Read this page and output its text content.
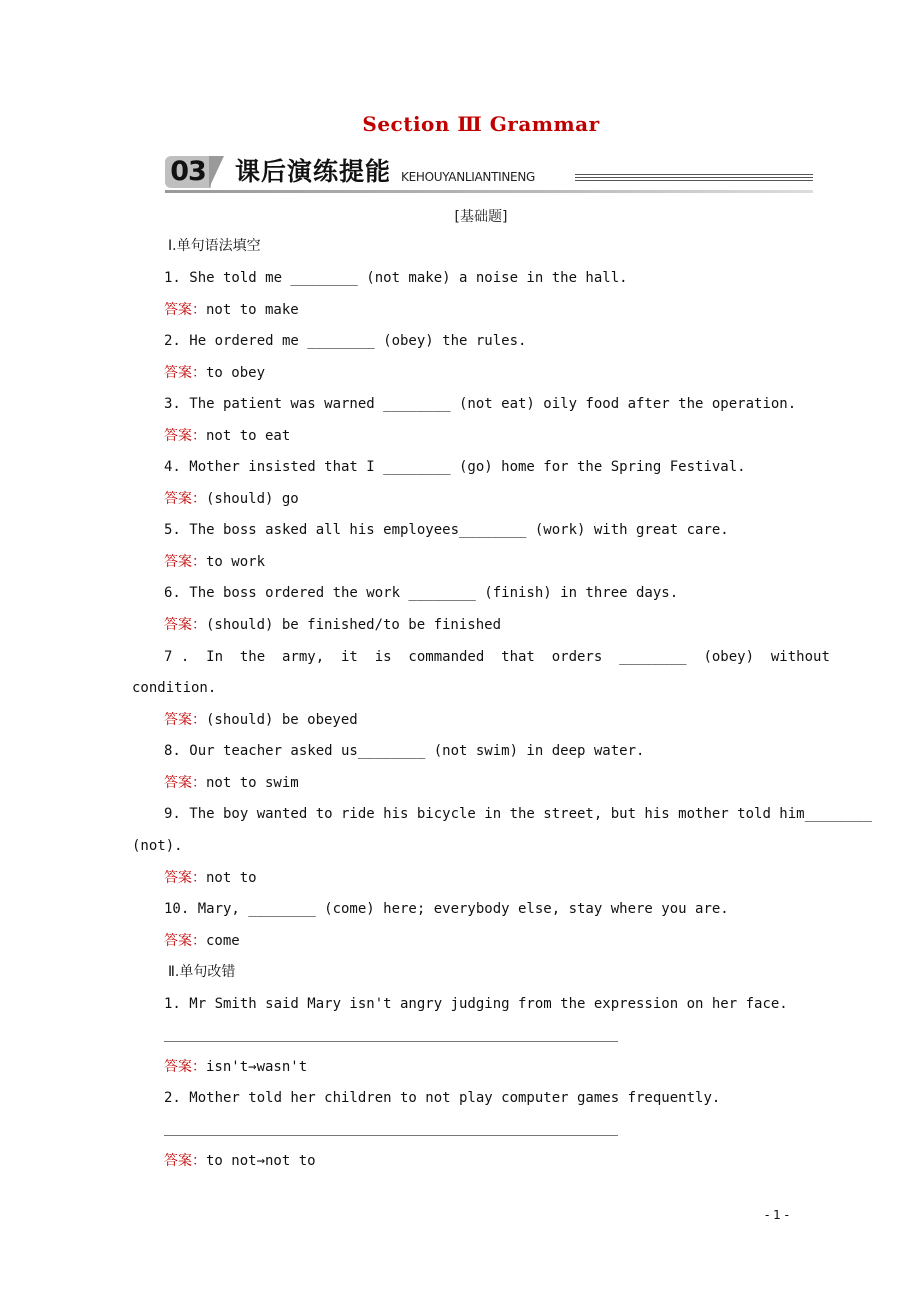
Section Ⅲ Grammar
03 课后演练提能 KEHOUYANLIANTINENG
[基础题]
Ⅰ.单句语法填空
1. She told me ________ (not make) a noise in the hall.
答案：not to make
2. He ordered me ________ (obey) the rules.
答案：to obey
3. The patient was warned ________ (not eat) oily food after the operation.
答案：not to eat
4. Mother insisted that I ________ (go) home for the Spring Festival.
答案：(should) go
5. The boss asked all his employees________ (work) with great care.
答案：to work
6. The boss ordered the work ________ (finish) in three days.
答案：(should) be finished/to be finished
7 .  In  the  army,  it  is  commanded  that  orders  ________  (obey)  without
condition.
答案：(should) be obeyed
8. Our teacher asked us________ (not swim) in deep water.
答案：not to swim
9. The boy wanted to ride his bicycle in the street, but his mother told him________
(not).
答案：not to
10. Mary, ________ (come) here; everybody else, stay where you are.
答案：come
Ⅱ.单句改错
1. Mr Smith said Mary isn't angry judging from the expression on her face.
答案：isn't→wasn't
2. Mother told her children to not play computer games frequently.
答案：to not→not to
- 1 -
